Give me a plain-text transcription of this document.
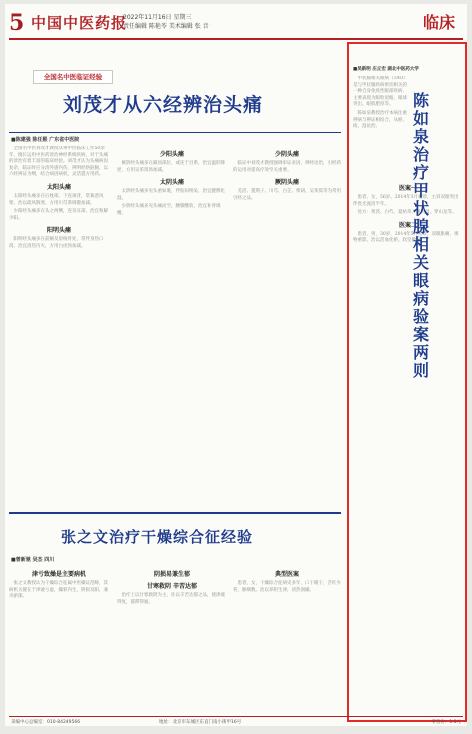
5 中国中医药报
2022年11月16日 星期三
责任编辑 陈艳苓 美术编辑 张 音	临床
全国名中医临证经验
刘茂才从六经辨治头痛
■陈建强 陈任熙 广东省中医院

全国名中医刘茂才教授从事中医临床工作50余年，擅长运用中医药诊治神经系统疾病，对于头痛的诊治有着丰富的临床经验。刘茂才认为头痛病因复杂，临证时应分清外感内伤，辨明经络脏腑，以六经辨证为纲，结合病因病机，灵活遣方用药。

太阳头痛

太阳经头痛多在后枕部，下连项背，常兼恶风寒，治以疏风散寒，方用川芎茶调散加减。

少阳经头痛多在头之两侧，连及耳部，治宜和解少阳。

阳明头痛

阳明经头痛多在前额及眉棱骨处，常伴身热口渴，治宜清热泻火，方用白虎汤加减。

少阳头痛

厥阴经头痛多在巅顶部位，或连于目系，治宜温肝降逆，方用吴茱萸汤加减。

太阴头痛

太阴经头痛多见头重如裹，伴脘闷纳呆，治宜健脾化湿。

少阴经头痛多见头痛而空，腰膝酸软，治宜补肾填精。

少阴头痛

临证中刘茂才教授强调审证求因，辨经论治，引经药的运用对提高疗效至关重要。

厥阴头痛

羌活、蔓荆子、川芎、白芷、柴胡、吴茱萸等为常用引经之品。

张之文治疗干燥综合征经验
■曾新驰 吴杰 四川
津亏致燥是主要病机

张之文教授认为干燥综合征属中医燥证范畴，其病机关键在于津液亏虚，燥邪内生，阴损及阳，兼夹瘀郁。

阴损易兼生郁
甘寒救阴 辛苦达郁

治疗上以甘寒救阴为主，佐以辛苦达郁之品，使津液得复，郁滞得通。

典型医案

患者，女，干燥综合征病史多年，口干眼干，舌红少苔，脉细数。治以养阴生津，清热润燥。

■吴新明 庄丘宏 湖北中医药大学

甲状腺相关眼病（TAO）是与甲状腺疾病密切相关的一种自身免疫性眼部疾病，主要表现为眼睑退缩、眼球突出、眼肌肥厚等。

陈如泉教授治疗本病注重辨病与辨证相结合，从瘀、痰、湿论治。

医案一

患者，女，56岁。2014年3月初诊，主诉双眼突出伴畏光流泪半年。

处方：黄芪、白芍、夏枯草、浙贝母、穿山龙等。

医案二

患者，男，30岁，2014年5月初诊，双眼胀痛，视物重影。治以活血化瘀、软坚散结。

陈如泉治疗甲状腺相关眼病验案两则
采编中心总编室：010-84249566	地址：北京市东城区东直门南小街甲16号	零售价：1.5元
